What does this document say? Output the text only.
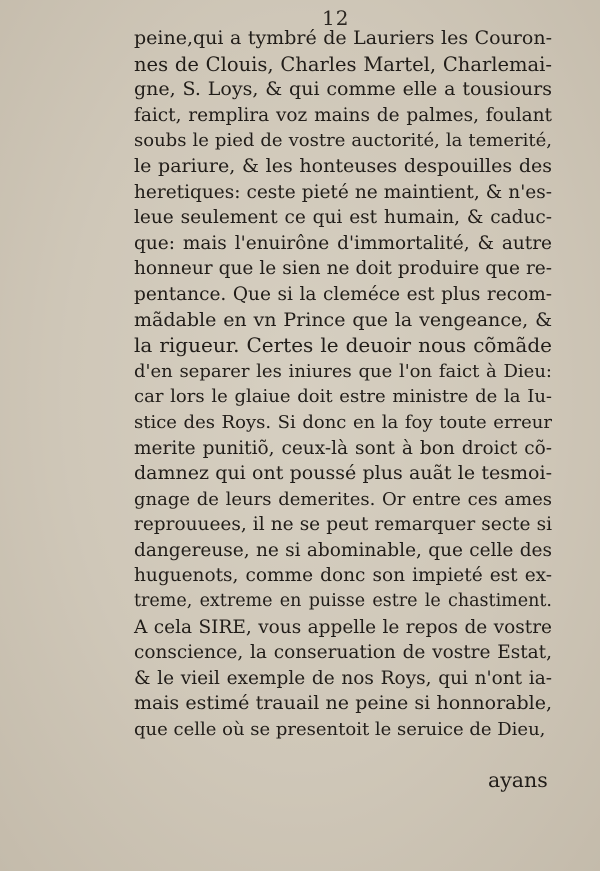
12
peine,qui a tymbré de Lauriers les Couron-
nes de Clouis, Charles Martel, Charlemai-
gne, S. Loys, & qui comme elle a tousiours
faict, remplira voz mains de palmes, foulant
soubs le pied de vostre auctorité, la temerité,
le pariure, & les honteuses despouilles des
heretiques: ceste pieté ne maintient, & n'es-
leue seulement ce qui est humain, & caduc-
que: mais l'enuirône d'immortalité, & autre
honneur que le sien ne doit produire que re-
pentance. Que si la cleméce est plus recom-
mãdable en vn Prince que la vengeance, &
la rigueur. Certes le deuoir nous cõmãde
d'en separer les iniures que l'on faict à Dieu:
car lors le glaiue doit estre ministre de la Iu-
stice des Roys. Si donc en la foy toute erreur
merite punitiõ, ceux-là sont à bon droict cõ-
damnez qui ont poussé plus auãt le tesmoi-
gnage de leurs demerites. Or entre ces ames
reprouuees, il ne se peut remarquer secte si
dangereuse, ne si abominable, que celle des
huguenots, comme donc son impieté est ex-
treme, extreme en puisse estre le chastiment.
A cela SIRE, vous appelle le repos de vostre
conscience, la conseruation de vostre Estat,
& le vieil exemple de nos Roys, qui n'ont ia-
mais estimé trauail ne peine si honnorable,
que celle où se presentoit le seruice de Dieu,
ayans
